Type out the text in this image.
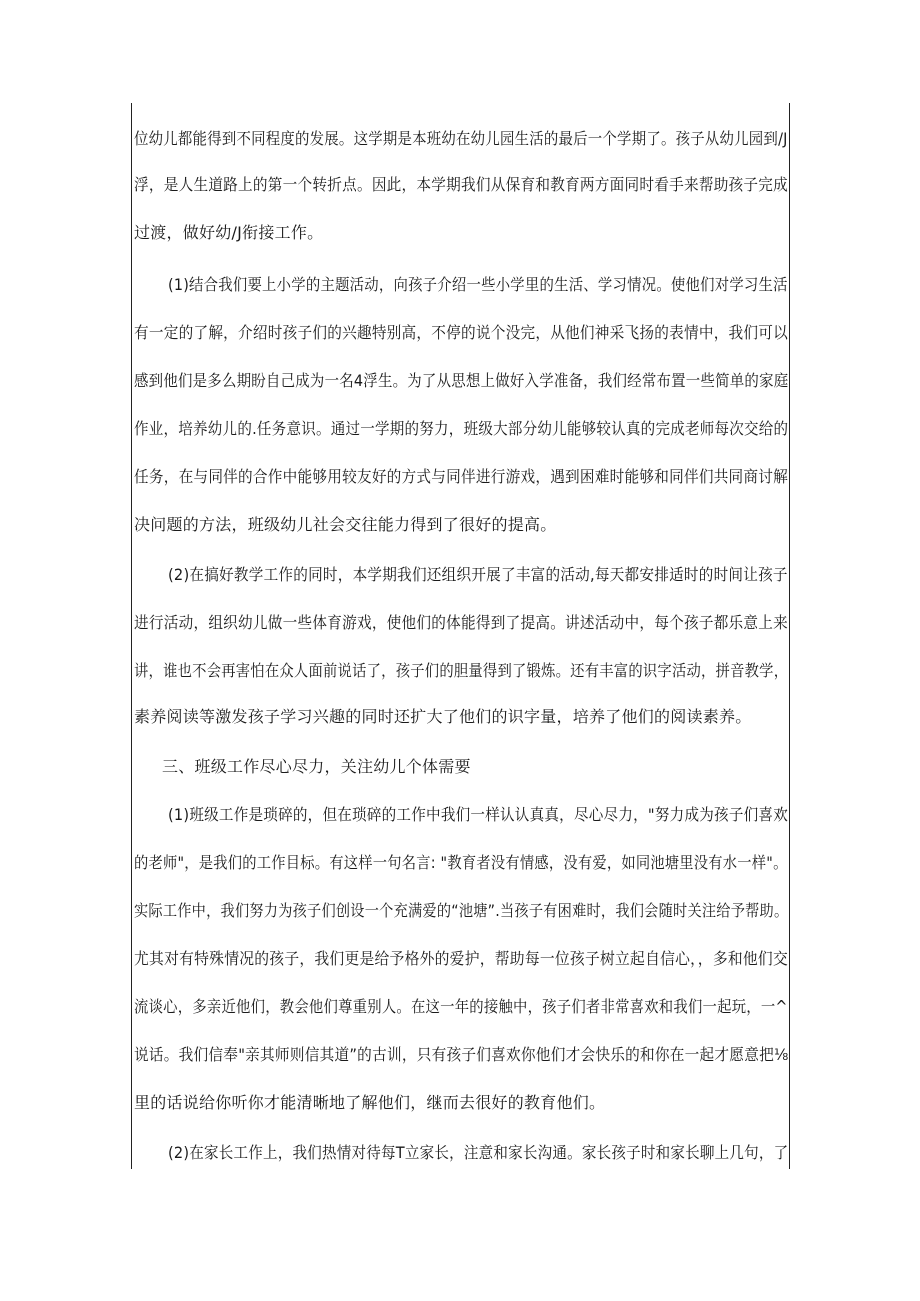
位幼儿都能得到不同程度的发展。这学期是本班幼在幼儿园生活的最后一个学期了。孩子从幼儿园到/J
浮，是人生道路上的第一个转折点。因此，本学期我们从保育和教育两方面同时看手来帮助孩子完成
过渡，做好幼/J衔接工作。
(1)结合我们要上小学的主题活动，向孩子介绍一些小学里的生活、学习情况。使他们对学习生活
有一定的了解，介绍时孩子们的兴趣特别高，不停的说个没完，从他们神采飞扬的表情中，我们可以
感到他们是多么期盼自己成为一名4浮生。为了从思想上做好入学准备，我们经常布置一些简单的家庭
作业，培养幼儿的.任务意识。通过一学期的努力，班级大部分幼儿能够较认真的完成老师每次交给的
任务，在与同伴的合作中能够用较友好的方式与同伴进行游戏，遇到困难时能够和同伴们共同商讨解
决问题的方法，班级幼儿社会交往能力得到了很好的提高。
(2)在搞好教学工作的同时，本学期我们还组织开展了丰富的活动,每天都安排适时的时间让孩子
进行活动，组织幼儿做一些体育游戏，使他们的体能得到了提高。讲述活动中，每个孩子都乐意上来
讲，谁也不会再害怕在众人面前说话了，孩子们的胆量得到了锻炼。还有丰富的识字活动，拼音教学，
素养阅读等激发孩子学习兴趣的同时还扩大了他们的识字量，培养了他们的阅读素养。
三、班级工作尽心尽力，关注幼儿个体需要
(1)班级工作是琐碎的，但在琐碎的工作中我们一样认认真真，尽心尽力，"努力成为孩子们喜欢
的老师"，是我们的工作目标。有这样一句名言: "教育者没有情感，没有爱，如同池塘里没有水一样"。
实际工作中，我们努力为孩子们创设一个充满爱的“池塘”.当孩子有困难时，我们会随时关注给予帮助。
尤其对有特殊情况的孩子，我们更是给予格外的爱护，帮助每一位孩子树立起自信心，，多和他们交
流谈心，多亲近他们，教会他们尊重别人。在这一年的接触中，孩子们者非常喜欢和我们一起玩，一^
说话。我们信奉"亲其师则信其道”的古训，只有孩子们喜欢你他们才会快乐的和你在一起才愿意把⅛
里的话说给你听你才能清晰地了解他们，继而去很好的教育他们。
(2)在家长工作上，我们热情对待每T立家长，注意和家长沟通。家长孩子时和家长聊上几句，了
